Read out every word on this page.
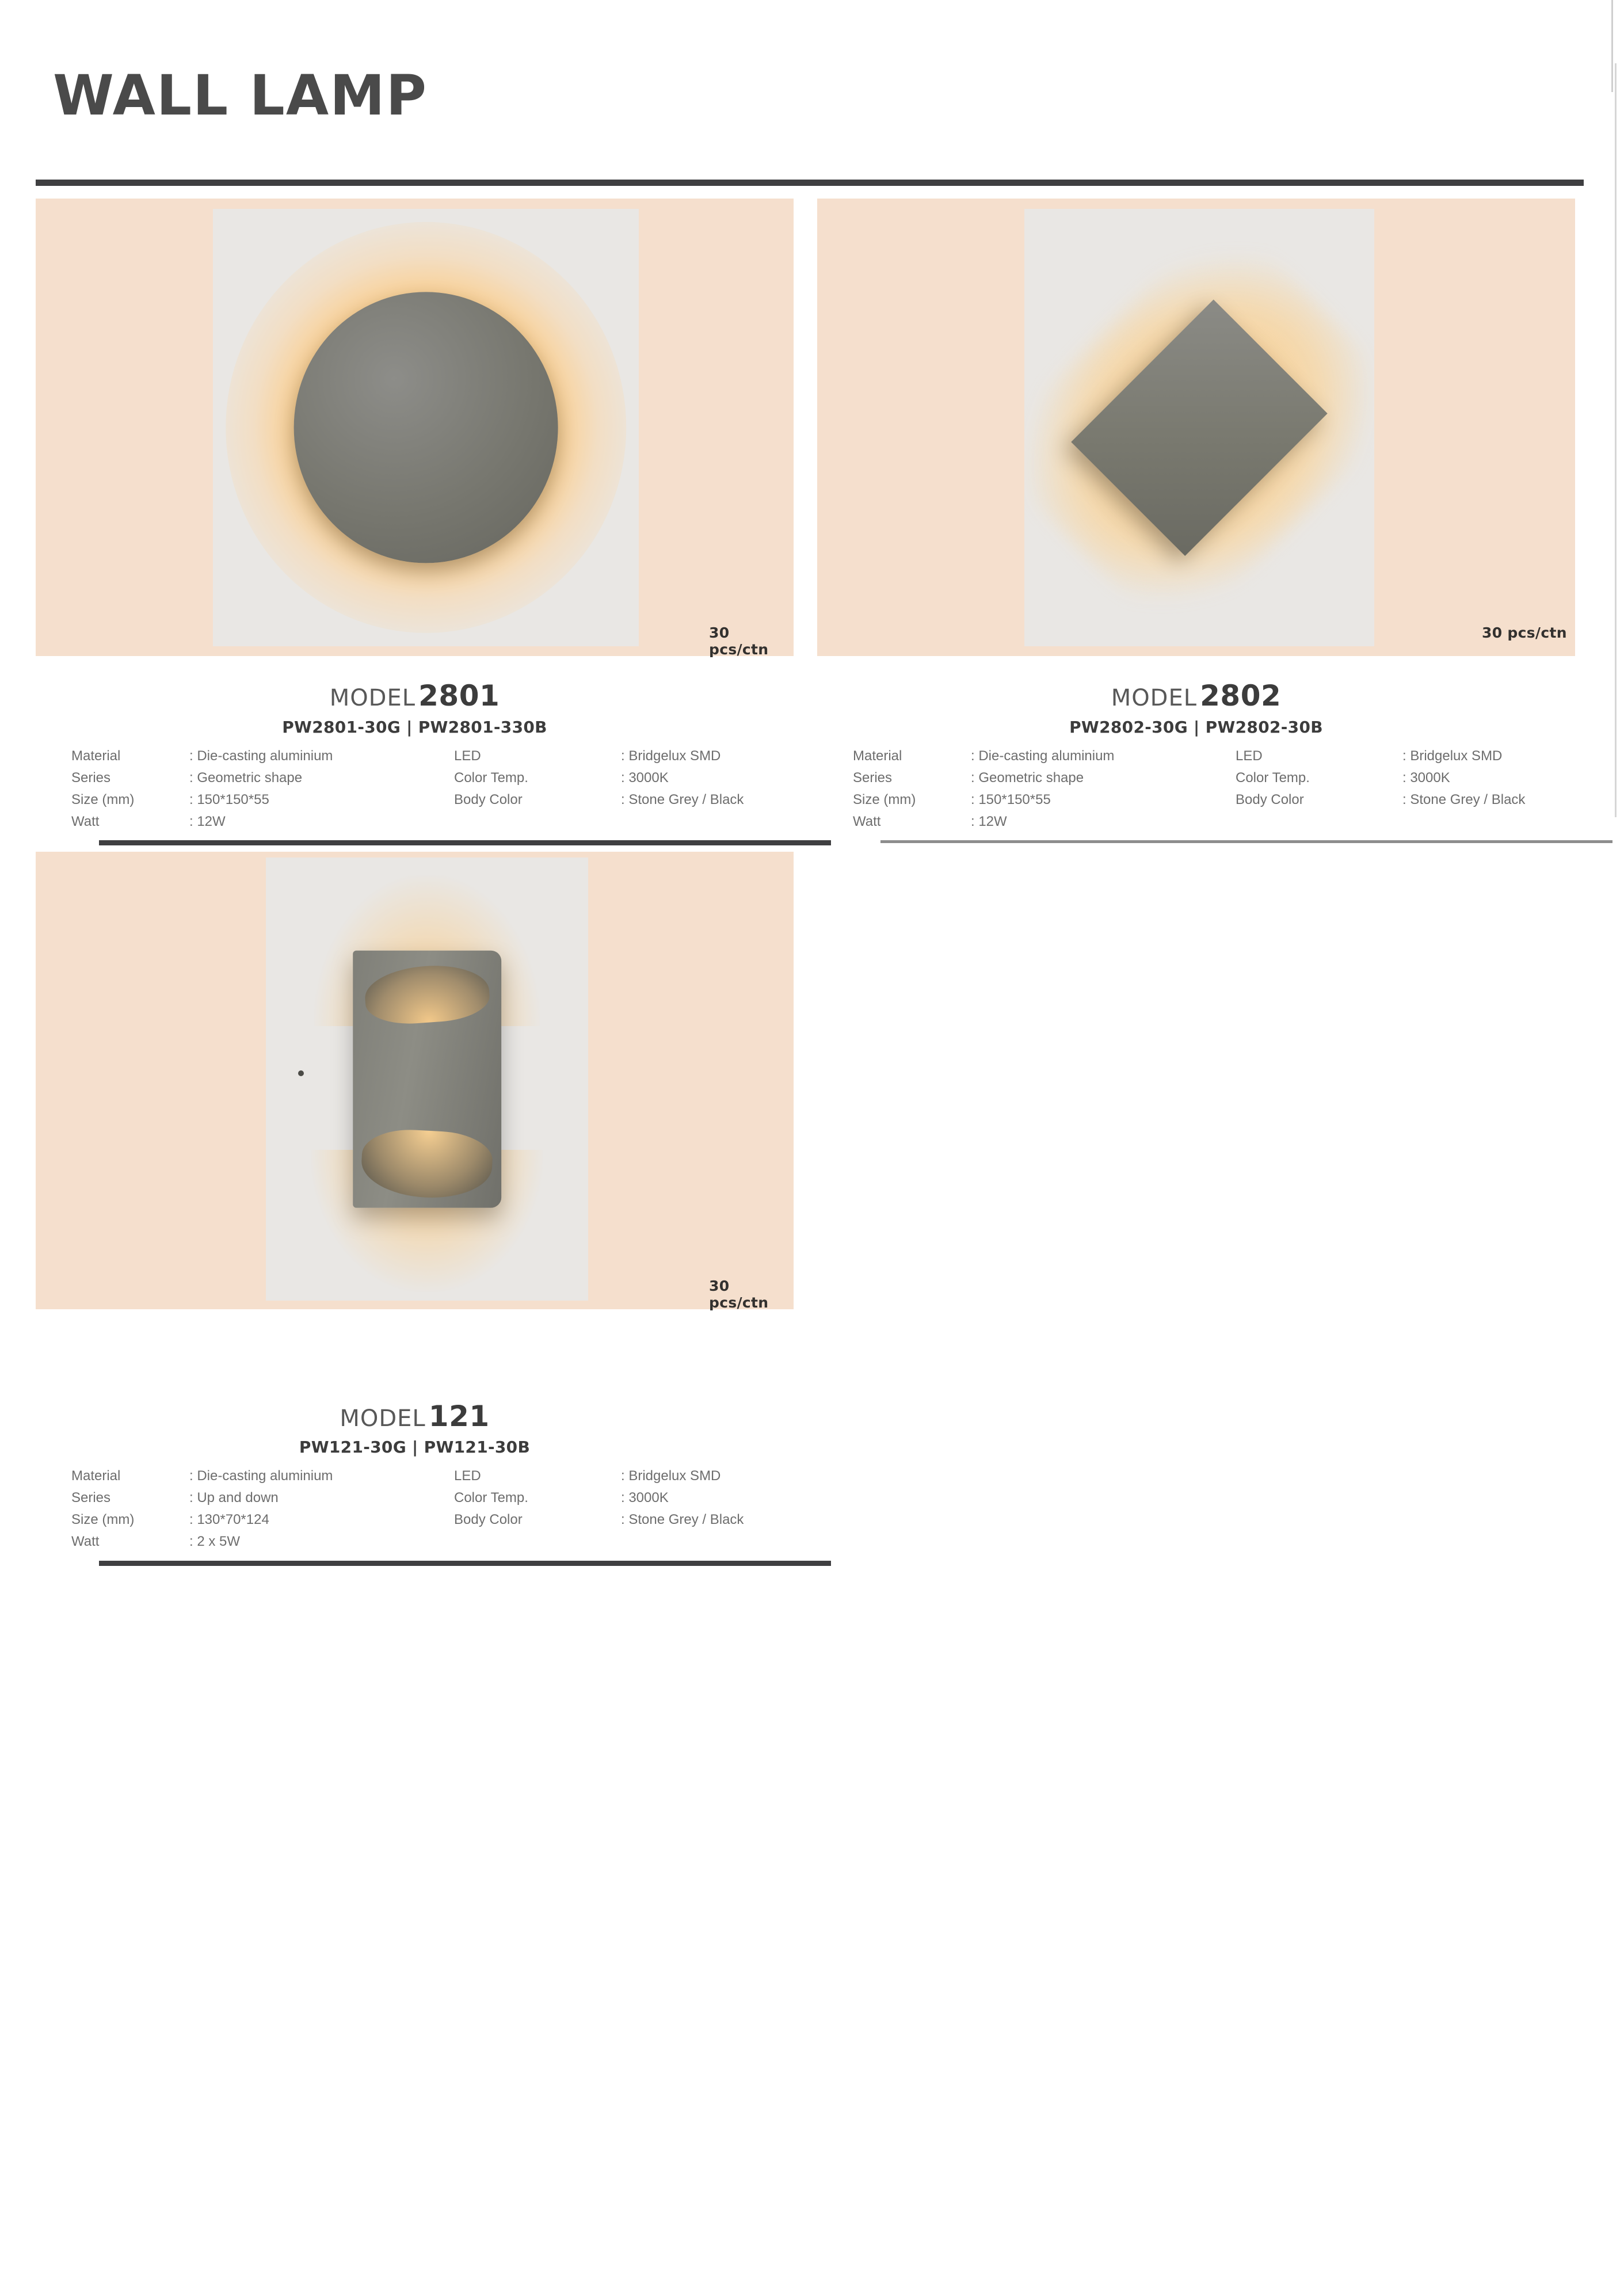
WALL LAMP
30 pcs/ctn
MODEL 2801
PW2801-30G | PW2801-330B
Material	: Die-casting aluminium	LED	: Bridgelux SMD
Series	: Geometric shape	Color Temp.	: 3000K
Size (mm)	: 150*150*55	Body Color	: Stone Grey / Black
Watt	: 12W
30 pcs/ctn
MODEL 2802
PW2802-30G | PW2802-30B
Material	: Die-casting aluminium	LED	: Bridgelux SMD
Series	: Geometric shape	Color Temp.	: 3000K
Size (mm)	: 150*150*55	Body Color	: Stone Grey / Black
Watt	: 12W
30 pcs/ctn
MODEL 121
PW121-30G | PW121-30B
Material	: Die-casting aluminium	LED	: Bridgelux SMD
Series	: Up and down	Color Temp.	: 3000K
Size (mm)	: 130*70*124	Body Color	: Stone Grey / Black
Watt	: 2 x 5W
